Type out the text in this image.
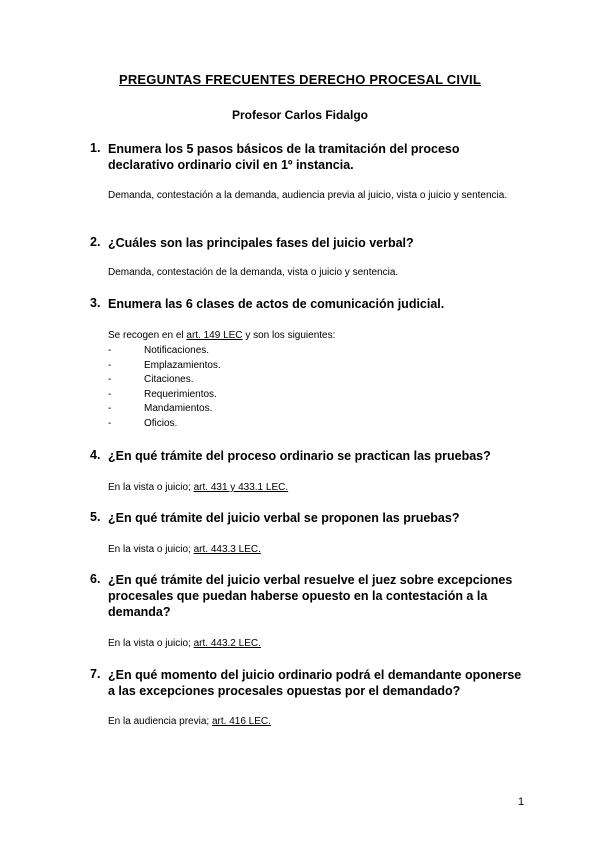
PREGUNTAS FRECUENTES DERECHO PROCESAL CIVIL
Profesor Carlos Fidalgo
1. Enumera los 5 pasos básicos de la tramitación del proceso declarativo ordinario civil en 1º instancia.
Demanda, contestación a la demanda, audiencia previa al juicio, vista o juicio y sentencia.
2. ¿Cuáles son las principales fases del juicio verbal?
Demanda, contestación de la demanda, vista o juicio y sentencia.
3. Enumera las 6 clases de actos de comunicación judicial.
Se recogen en el art. 149 LEC y son los siguientes:
- Notificaciones.
- Emplazamientos.
- Citaciones.
- Requerimientos.
- Mandamientos.
- Oficios.
4. ¿En qué trámite del proceso ordinario se practican las pruebas?
En la vista o juicio; art. 431 y 433.1 LEC.
5. ¿En qué trámite del juicio verbal se proponen las pruebas?
En la vista o juicio; art. 443.3 LEC.
6. ¿En qué trámite del juicio verbal resuelve el juez sobre excepciones procesales que puedan haberse opuesto en la contestación a la demanda?
En la vista o juicio; art. 443.2 LEC.
7. ¿En qué momento del juicio ordinario podrá el demandante oponerse a las excepciones procesales opuestas por el demandado?
En la audiencia previa; art. 416 LEC.
1
